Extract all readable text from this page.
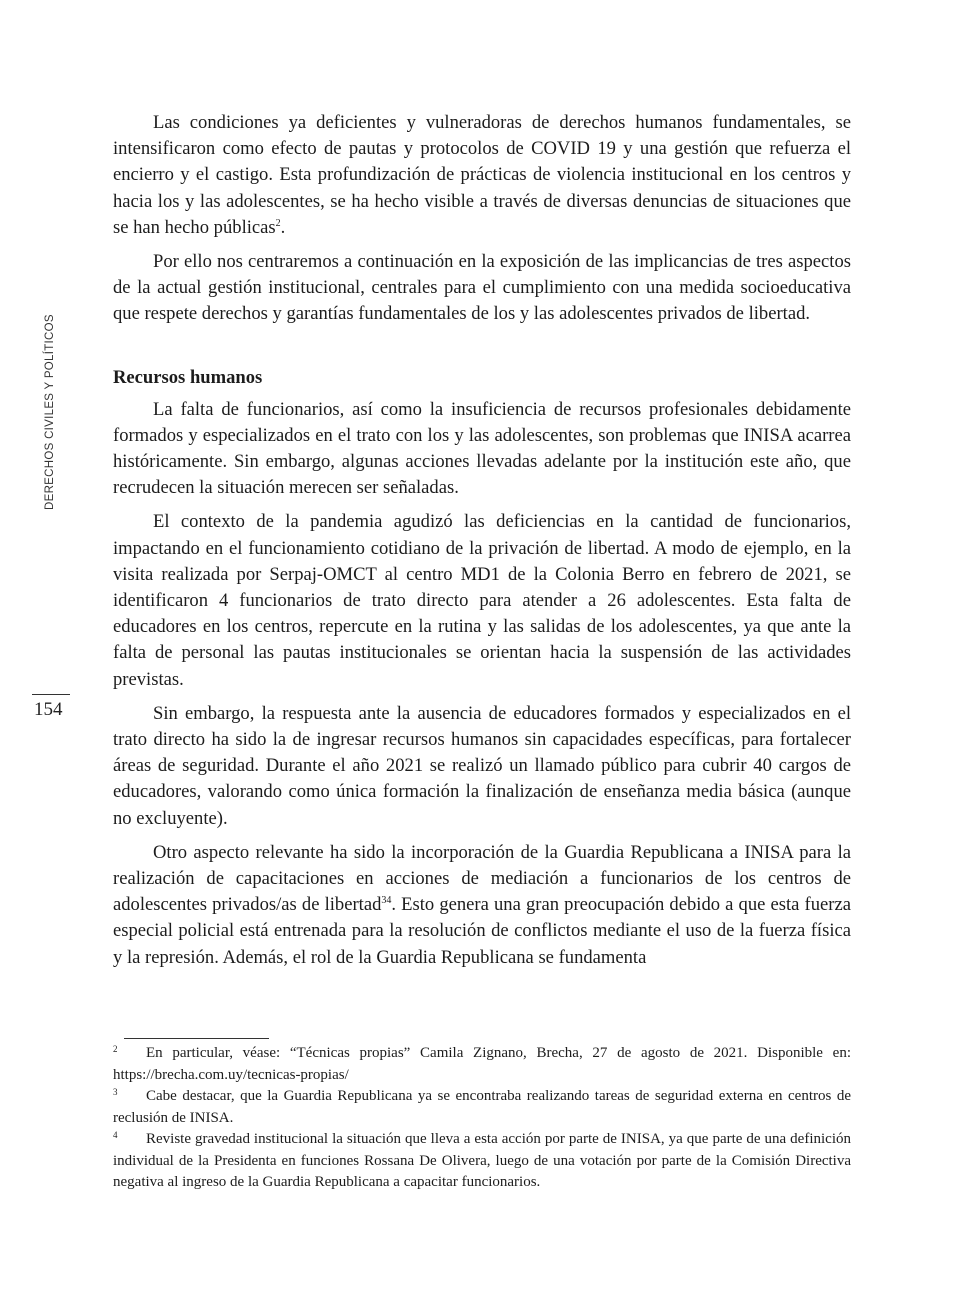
DERECHOS CIVILES Y POLÍTICOS
154

Las condiciones ya deficientes y vulneradoras de derechos humanos fundamentales, se intensificaron como efecto de pautas y protocolos de COVID 19 y una gestión que refuerza el encierro y el castigo. Esta profundización de prácticas de violencia institucional en los centros y hacia los y las adolescentes, se ha hecho visible a través de diversas denuncias de situaciones que se han hecho públicas$^2$.

Por ello nos centraremos a continuación en la exposición de las implicancias de tres aspectos de la actual gestión institucional, centrales para el cumplimiento con una medida socioeducativa que respete derechos y garantías fundamentales de los y las adolescentes privados de libertad.

Recursos humanos

La falta de funcionarios, así como la insuficiencia de recursos profesionales debidamente formados y especializados en el trato con los y las adolescentes, son problemas que INISA acarrea históricamente. Sin embargo, algunas acciones llevadas adelante por la institución este año, que recrudecen la situación merecen ser señaladas.

El contexto de la pandemia agudizó las deficiencias en la cantidad de funcionarios, impactando en el funcionamiento cotidiano de la privación de libertad. A modo de ejemplo, en la visita realizada por Serpaj-OMCT al centro MD1 de la Colonia Berro en febrero de 2021, se identificaron 4 funcionarios de trato directo para atender a 26 adolescentes. Esta falta de educadores en los centros, repercute en la rutina y las salidas de los adolescentes, ya que ante la falta de personal las pautas institucionales se orientan hacia la suspensión de las actividades previstas.

Sin embargo, la respuesta ante la ausencia de educadores formados y especializados en el trato directo ha sido la de ingresar recursos humanos sin capacidades específicas, para fortalecer áreas de seguridad. Durante el año 2021 se realizó un llamado público para cubrir 40 cargos de educadores, valorando como única formación la finalización de enseñanza media básica (aunque no excluyente).

Otro aspecto relevante ha sido la incorporación de la Guardia Republicana a INISA para la realización de capacitaciones en acciones de mediación a funcionarios de los centros de adolescentes privados/as de libertad$^{34}$. Esto genera una gran preocupación debido a que esta fuerza especial policial está entrenada para la resolución de conflictos mediante el uso de la fuerza física y la represión. Además, el rol de la Guardia Republicana se fundamenta

2 En particular, véase: “Técnicas propias” Camila Zignano, Brecha, 27 de agosto de 2021. Disponible en: https://brecha.com.uy/tecnicas-propias/

3 Cabe destacar, que la Guardia Republicana ya se encontraba realizando tareas de seguridad externa en centros de reclusión de INISA.

4 Reviste gravedad institucional la situación que lleva a esta acción por parte de INISA, ya que parte de una definición individual de la Presidenta en funciones Rossana De Olivera, luego de una votación por parte de la Comisión Directiva negativa al ingreso de la Guardia Republicana a capacitar funcionarios.
